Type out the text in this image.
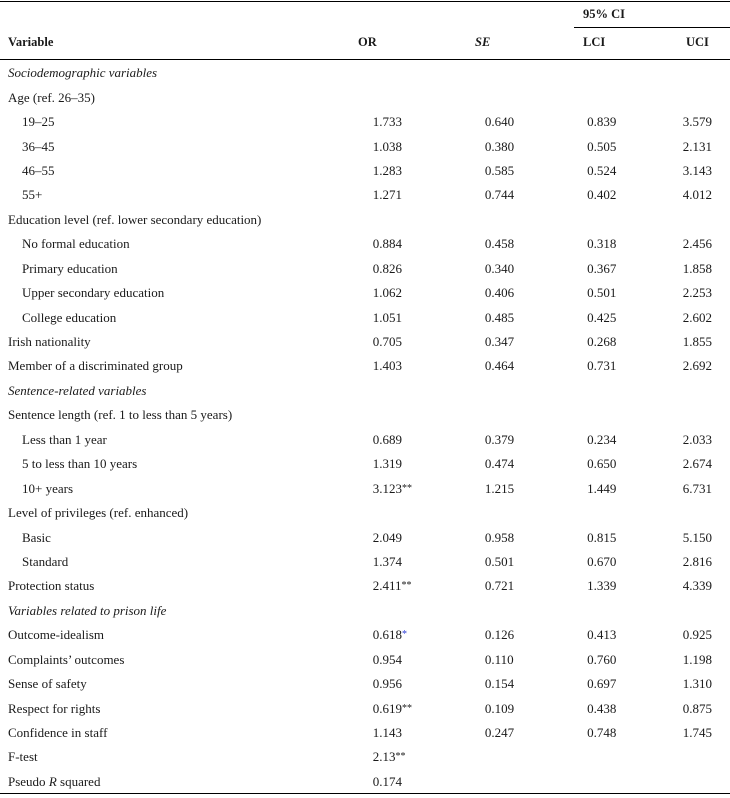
95% CI
Variable	OR	SE	LCI	UCI
Sociodemographic variables				
Age (ref. 26–35)				
19–25	1.733	0.640	0.839	3.579
36–45	1.038	0.380	0.505	2.131
46–55	1.283	0.585	0.524	3.143
55+	1.271	0.744	0.402	4.012
Education level (ref. lower secondary education)				
No formal education	0.884	0.458	0.318	2.456
Primary education	0.826	0.340	0.367	1.858
Upper secondary education	1.062	0.406	0.501	2.253
College education	1.051	0.485	0.425	2.602
Irish nationality	0.705	0.347	0.268	1.855
Member of a discriminated group	1.403	0.464	0.731	2.692
Sentence-related variables				
Sentence length (ref. 1 to less than 5 years)				
Less than 1 year	0.689	0.379	0.234	2.033
5 to less than 10 years	1.319	0.474	0.650	2.674
10+ years	3.123**	1.215	1.449	6.731
Level of privileges (ref. enhanced)				
Basic	2.049	0.958	0.815	5.150
Standard	1.374	0.501	0.670	2.816
Protection status	2.411**	0.721	1.339	4.339
Variables related to prison life				
Outcome-idealism	0.618*	0.126	0.413	0.925
Complaints’ outcomes	0.954	0.110	0.760	1.198
Sense of safety	0.956	0.154	0.697	1.310
Respect for rights	0.619**	0.109	0.438	0.875
Confidence in staff	1.143	0.247	0.748	1.745
F-test	2.13**			
Pseudo R squared	0.174			
